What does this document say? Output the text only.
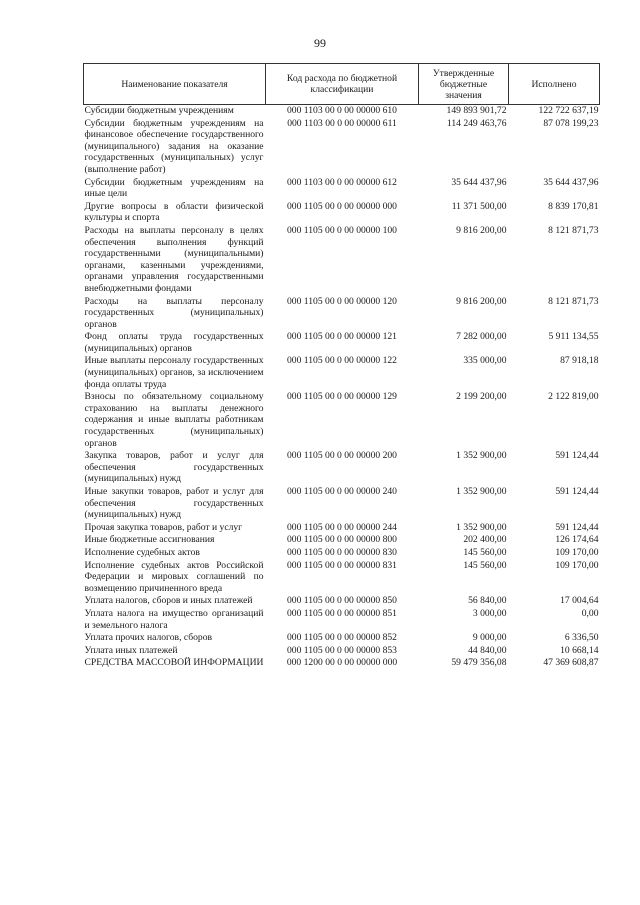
99
Наименование показателя	Код расхода по бюджетной классификации	Утвержденные бюджетные значения	Исполнено
Субсидии бюджетным учреждениям	000 1103 00 0 00 00000 610	149 893 901,72	122 722 637,19
Субсидии бюджетным учреждениям на финансовое обеспечение государственного (муниципального) задания на оказание государственных (муниципальных) услуг (выполнение работ)	000 1103 00 0 00 00000 611	114 249 463,76	87 078 199,23
Субсидии бюджетным учреждениям на иные цели	000 1103 00 0 00 00000 612	35 644 437,96	35 644 437,96
Другие вопросы в области физической культуры и спорта	000 1105 00 0 00 00000 000	11 371 500,00	8 839 170,81
Расходы на выплаты персоналу в целях обеспечения выполнения функций государственными (муниципальными) органами, казенными учреждениями, органами управления государственными внебюджетными фондами	000 1105 00 0 00 00000 100	9 816 200,00	8 121 871,73
Расходы на выплаты персоналу государственных (муниципальных) органов	000 1105 00 0 00 00000 120	9 816 200,00	8 121 871,73
Фонд оплаты труда государственных (муниципальных) органов	000 1105 00 0 00 00000 121	7 282 000,00	5 911 134,55
Иные выплаты персоналу государственных (муниципальных) органов, за исключением фонда оплаты труда	000 1105 00 0 00 00000 122	335 000,00	87 918,18
Взносы по обязательному социальному страхованию на выплаты денежного содержания и иные выплаты работникам государственных (муниципальных) органов	000 1105 00 0 00 00000 129	2 199 200,00	2 122 819,00
Закупка товаров, работ и услуг для обеспечения государственных (муниципальных) нужд	000 1105 00 0 00 00000 200	1 352 900,00	591 124,44
Иные закупки товаров, работ и услуг для обеспечения государственных (муниципальных) нужд	000 1105 00 0 00 00000 240	1 352 900,00	591 124,44
Прочая закупка товаров, работ и услуг	000 1105 00 0 00 00000 244	1 352 900,00	591 124,44
Иные бюджетные ассигнования	000 1105 00 0 00 00000 800	202 400,00	126 174,64
Исполнение судебных актов	000 1105 00 0 00 00000 830	145 560,00	109 170,00
Исполнение судебных актов Российской Федерации и мировых соглашений по возмещению причиненного вреда	000 1105 00 0 00 00000 831	145 560,00	109 170,00
Уплата налогов, сборов и иных платежей	000 1105 00 0 00 00000 850	56 840,00	17 004,64
Уплата налога на имущество организаций и земельного налога	000 1105 00 0 00 00000 851	3 000,00	0,00
Уплата прочих налогов, сборов	000 1105 00 0 00 00000 852	9 000,00	6 336,50
Уплата иных платежей	000 1105 00 0 00 00000 853	44 840,00	10 668,14
СРЕДСТВА МАССОВОЙ ИНФОРМАЦИИ	000 1200 00 0 00 00000 000	59 479 356,08	47 369 608,87
